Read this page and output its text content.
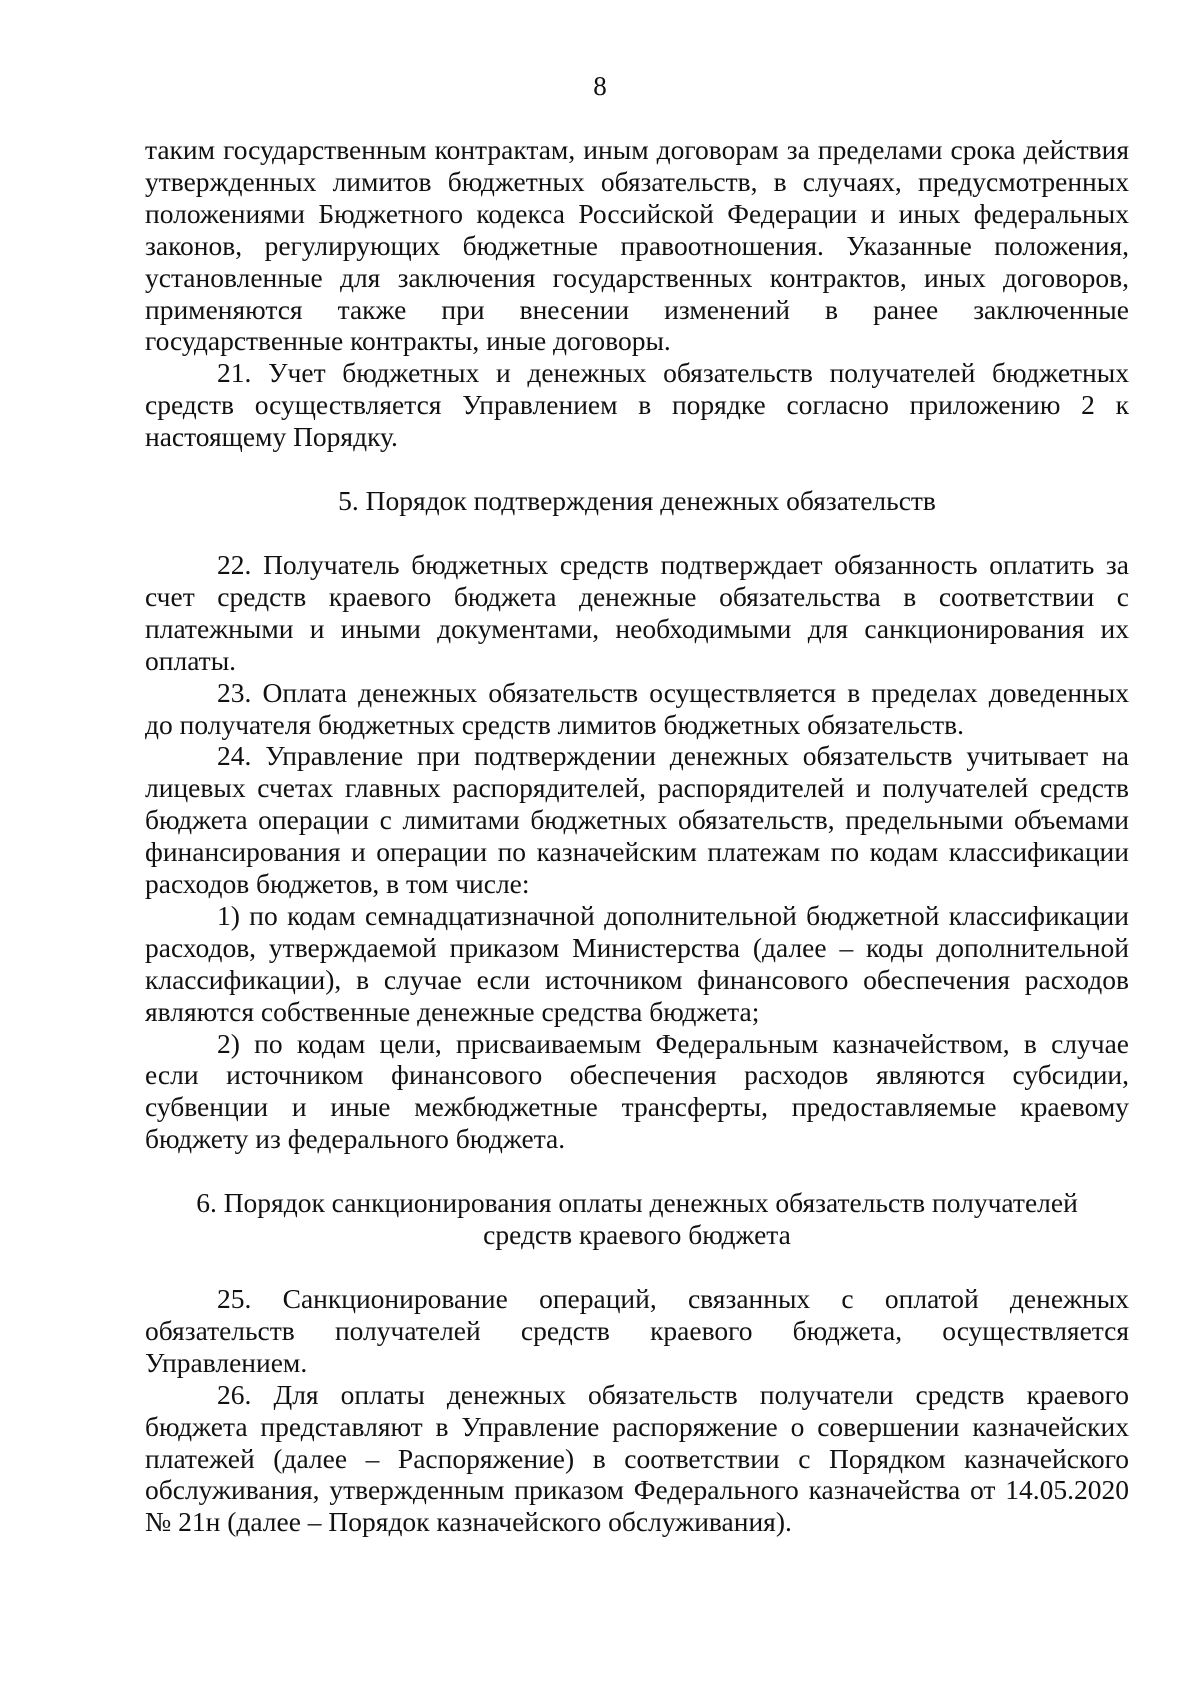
8

таким государственным контрактам, иным договорам за пределами срока действия утвержденных лимитов бюджетных обязательств, в случаях, предусмотренных положениями Бюджетного кодекса Российской Федерации и иных федеральных законов, регулирующих бюджетные правоотношения. Указанные положения, установленные для заключения государственных контрактов, иных договоров, применяются также при внесении изменений в ранее заключенные государственные контракты, иные договоры.

21. Учет бюджетных и денежных обязательств получателей бюджетных средств осуществляется Управлением в порядке согласно приложению 2 к настоящему Порядку.

5. Порядок подтверждения денежных обязательств

22. Получатель бюджетных средств подтверждает обязанность оплатить за счет средств краевого бюджета денежные обязательства в соответствии с платежными и иными документами, необходимыми для санкционирования их оплаты.

23. Оплата денежных обязательств осуществляется в пределах доведенных до получателя бюджетных средств лимитов бюджетных обязательств.

24. Управление при подтверждении денежных обязательств учитывает на лицевых счетах главных распорядителей, распорядителей и получателей средств бюджета операции с лимитами бюджетных обязательств, предельными объемами финансирования и операции по казначейским платежам по кодам классификации расходов бюджетов, в том числе:

1) по кодам семнадцатизначной дополнительной бюджетной классификации расходов, утверждаемой приказом Министерства (далее – коды дополнительной классификации), в случае если источником финансового обеспечения расходов являются собственные денежные средства бюджета;

2) по кодам цели, присваиваемым Федеральным казначейством, в случае если источником финансового обеспечения расходов являются субсидии, субвенции и иные межбюджетные трансферты, предоставляемые краевому бюджету из федерального бюджета.

6. Порядок санкционирования оплаты денежных обязательств получателей

средств краевого бюджета

25. Санкционирование операций, связанных с оплатой денежных обязательств получателей средств краевого бюджета, осуществляется Управлением.

26. Для оплаты денежных обязательств получатели средств краевого бюджета представляют в Управление распоряжение о совершении казначейских платежей (далее – Распоряжение) в соответствии с Порядком казначейского обслуживания, утвержденным приказом Федерального казначейства от 14.05.2020 № 21н (далее – Порядок казначейского обслуживания).
